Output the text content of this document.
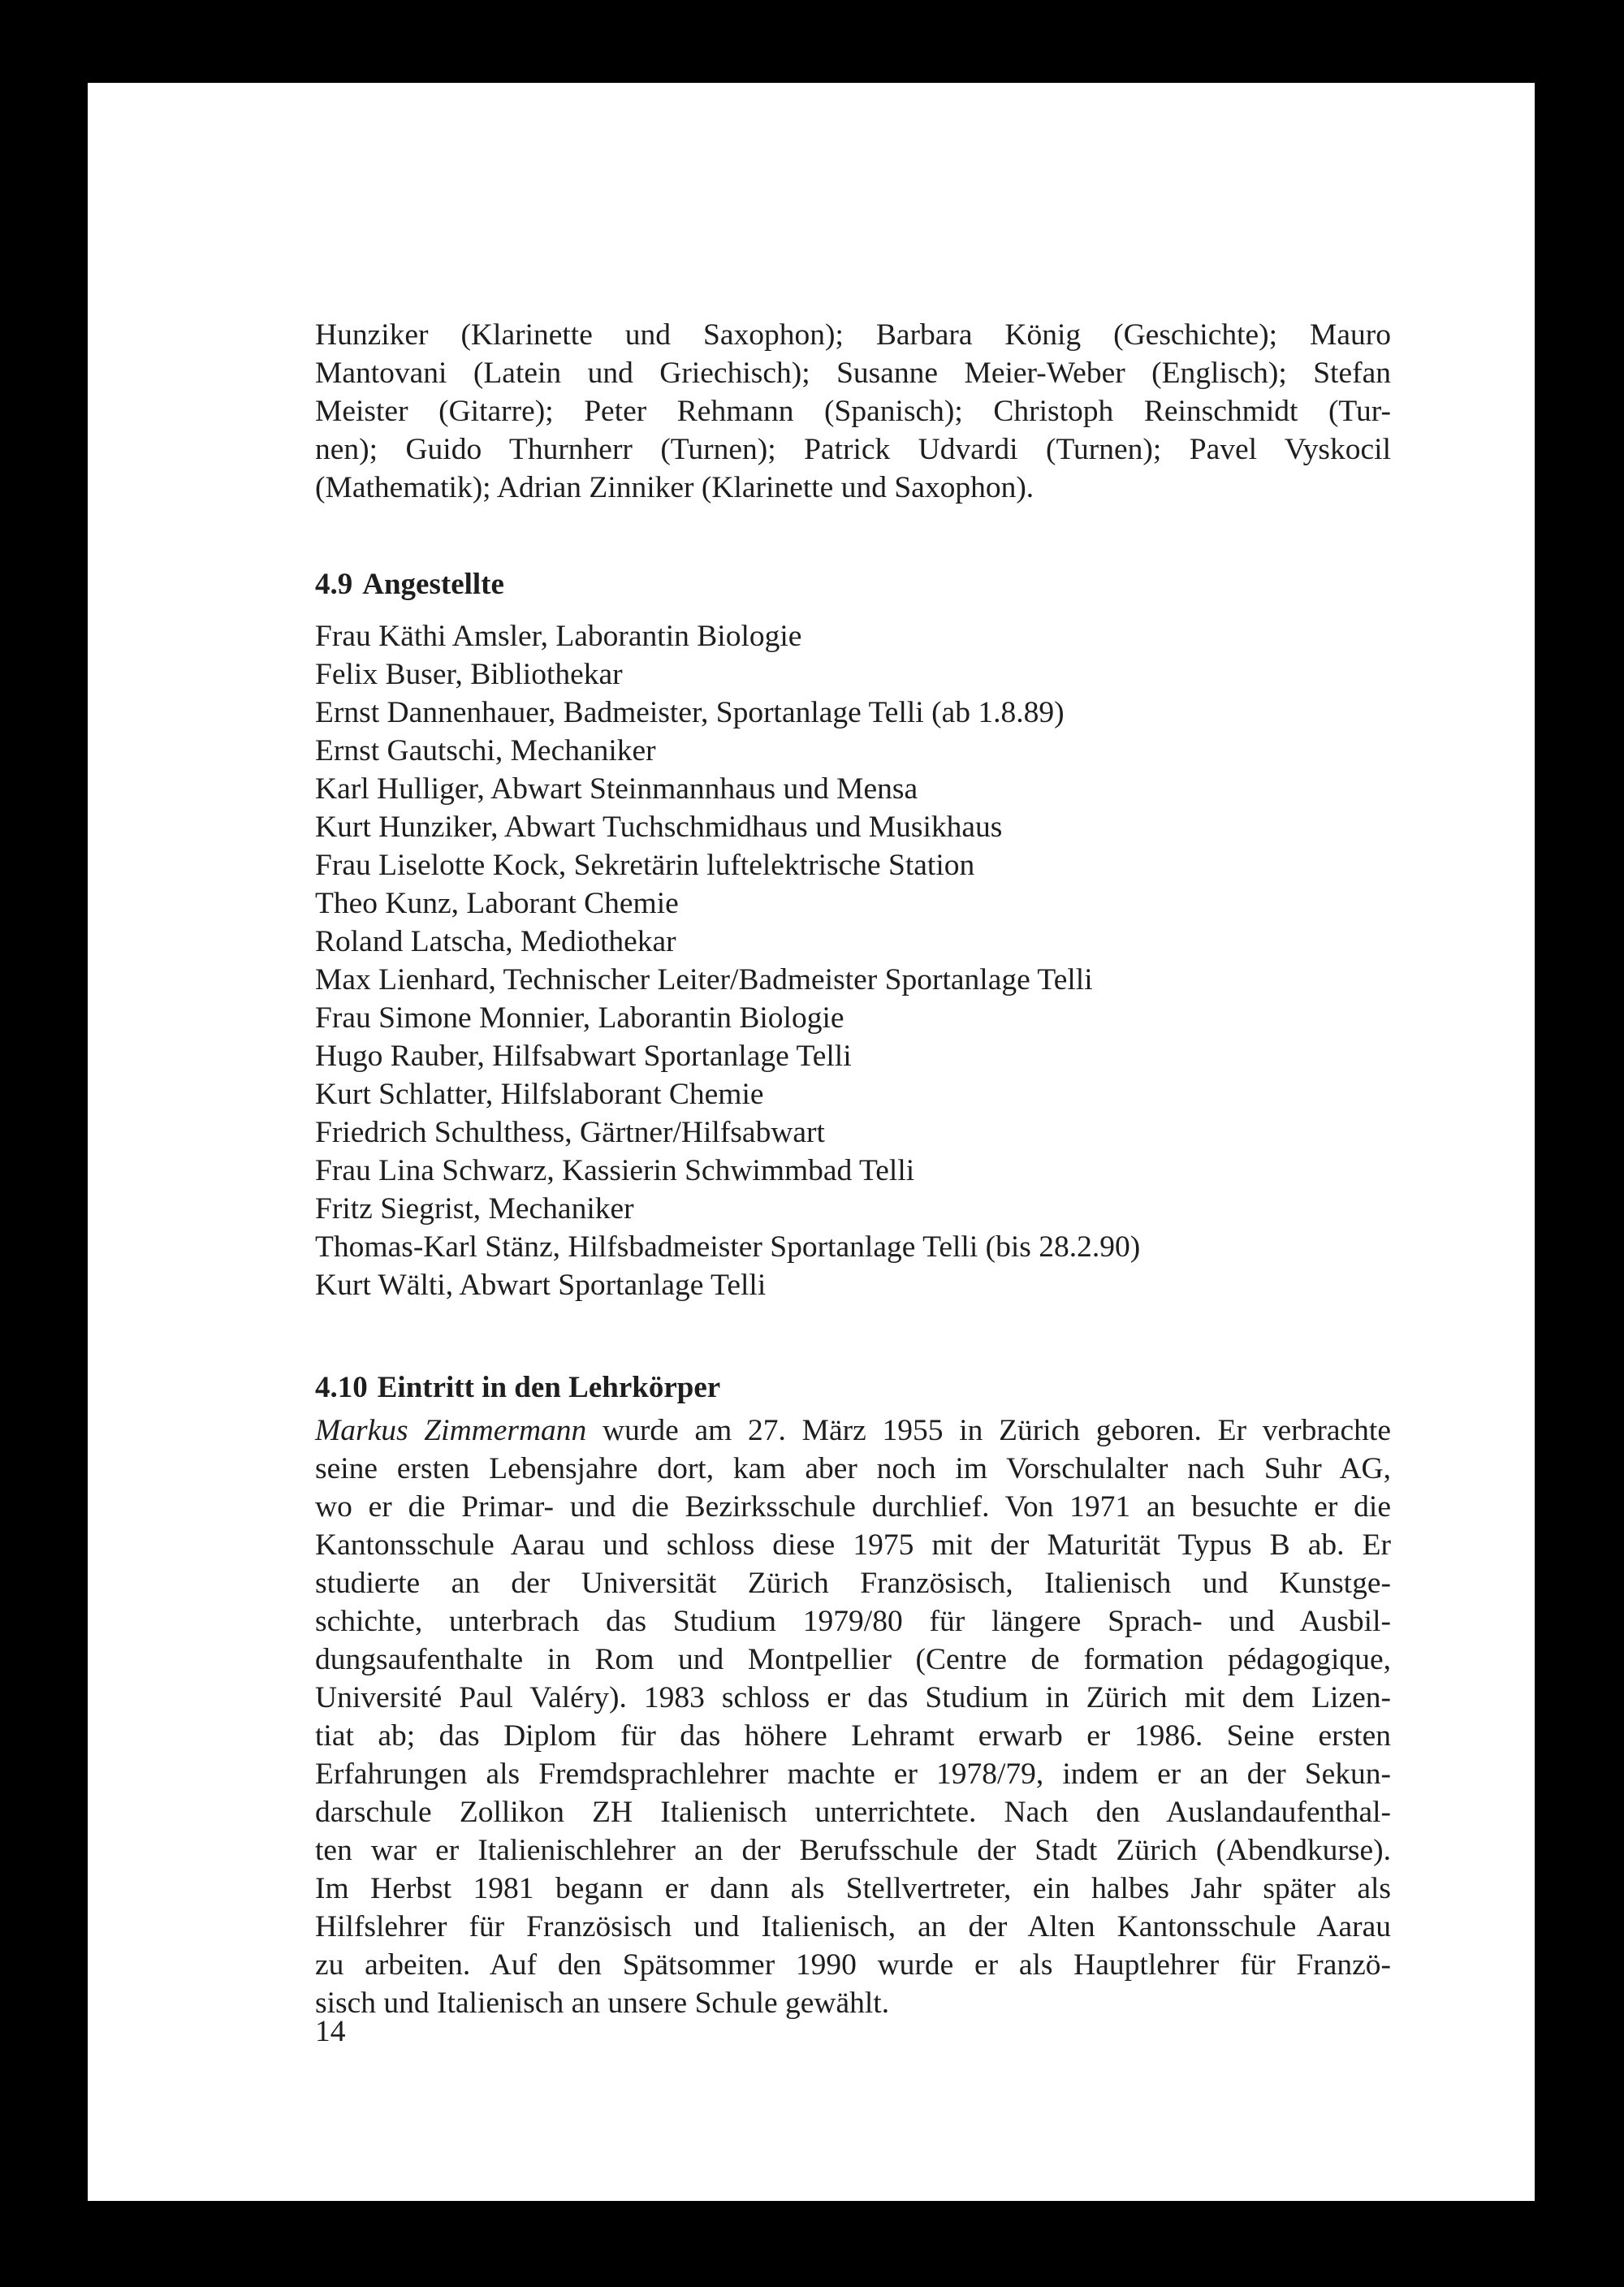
Hunziker (Klarinette und Saxophon); Barbara König (Geschichte); Mauro
Mantovani (Latein und Griechisch); Susanne Meier-Weber (Englisch); Stefan
Meister (Gitarre); Peter Rehmann (Spanisch); Christoph Reinschmidt (Tur-
nen); Guido Thurnherr (Turnen); Patrick Udvardi (Turnen); Pavel Vyskocil
(Mathematik); Adrian Zinniker (Klarinette und Saxophon).

4.9 Angestellte
Frau Käthi Amsler, Laborantin Biologie
Felix Buser, Bibliothekar
Ernst Dannenhauer, Badmeister, Sportanlage Telli (ab 1.8.89)
Ernst Gautschi, Mechaniker
Karl Hulliger, Abwart Steinmannhaus und Mensa
Kurt Hunziker, Abwart Tuchschmidhaus und Musikhaus
Frau Liselotte Kock, Sekretärin luftelektrische Station
Theo Kunz, Laborant Chemie
Roland Latscha, Mediothekar
Max Lienhard, Technischer Leiter/Badmeister Sportanlage Telli
Frau Simone Monnier, Laborantin Biologie
Hugo Rauber, Hilfsabwart Sportanlage Telli
Kurt Schlatter, Hilfslaborant Chemie
Friedrich Schulthess, Gärtner/Hilfsabwart
Frau Lina Schwarz, Kassierin Schwimmbad Telli
Fritz Siegrist, Mechaniker
Thomas-Karl Stänz, Hilfsbadmeister Sportanlage Telli (bis 28.2.90)
Kurt Wälti, Abwart Sportanlage Telli
4.10 Eintritt in den Lehrkörper

Markus Zimmermann wurde am 27. März 1955 in Zürich geboren. Er verbrachte
seine ersten Lebensjahre dort, kam aber noch im Vorschulalter nach Suhr AG,
wo er die Primar- und die Bezirksschule durchlief. Von 1971 an besuchte er die
Kantonsschule Aarau und schloss diese 1975 mit der Maturität Typus B ab. Er
studierte an der Universität Zürich Französisch, Italienisch und Kunstge-
schichte, unterbrach das Studium 1979/80 für längere Sprach- und Ausbil-
dungsaufenthalte in Rom und Montpellier (Centre de formation pédagogique,
Université Paul Valéry). 1983 schloss er das Studium in Zürich mit dem Lizen-
tiat ab; das Diplom für das höhere Lehramt erwarb er 1986. Seine ersten
Erfahrungen als Fremdsprachlehrer machte er 1978/79, indem er an der Sekun-
darschule Zollikon ZH Italienisch unterrichtete. Nach den Auslandaufenthal-
ten war er Italienischlehrer an der Berufsschule der Stadt Zürich (Abendkurse).
Im Herbst 1981 begann er dann als Stellvertreter, ein halbes Jahr später als
Hilfslehrer für Französisch und Italienisch, an der Alten Kantonsschule Aarau
zu arbeiten. Auf den Spätsommer 1990 wurde er als Hauptlehrer für Franzö-
sisch und Italienisch an unsere Schule gewählt.

14
